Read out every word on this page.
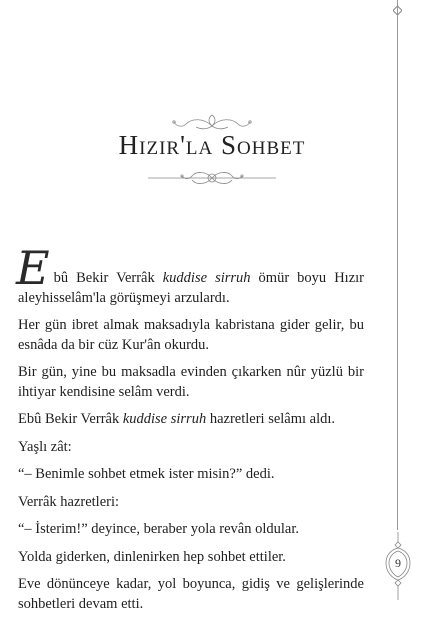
Hızır'la Sohbet

E bû Bekir Verrâk kuddise sirruh ömür boyu Hızır aleyhisselâm'la görüşmeyi arzulardı.

Her gün ibret almak maksadıyla kabristana gider gelir, bu esnâda da bir cüz Kur'ân okurdu.

Bir gün, yine bu maksadla evinden çıkarken nûr yüzlü bir ihtiyar kendisine selâm verdi.

Ebû Bekir Verrâk kuddise sirruh hazretleri selâmı aldı.

Yaşlı zât:

“– Benimle sohbet etmek ister misin?” dedi.

Verrâk hazretleri:

“– İsterim!” deyince, beraber yola revân oldular.

Yolda giderken, dinlenirken hep sohbet ettiler.

Eve dönünceye kadar, yol boyunca, gidiş ve gelişlerinde sohbetleri devam etti.

9
